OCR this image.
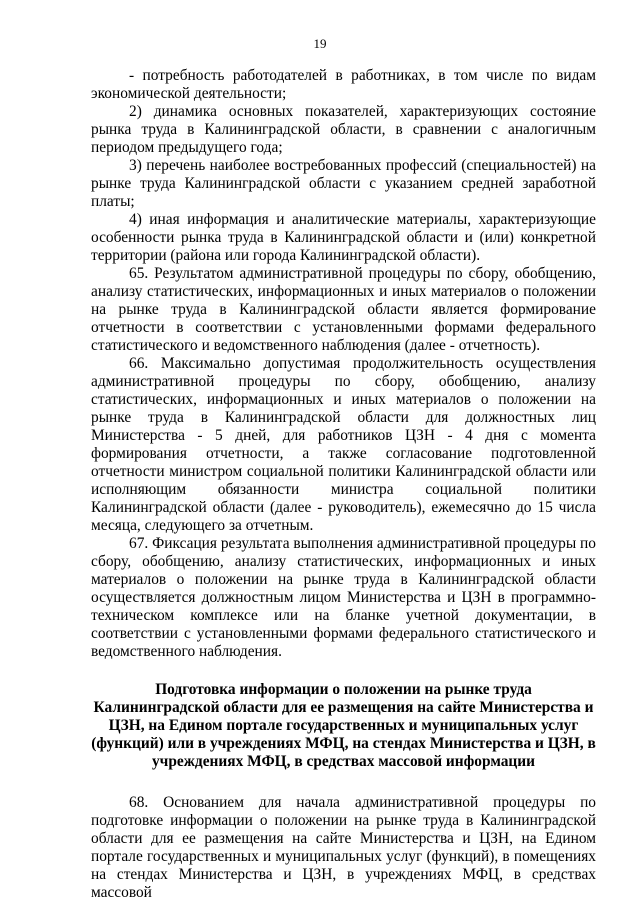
19

- потребность работодателей в работниках, в том числе по видам экономической деятельности;

2) динамика основных показателей, характеризующих состояние рынка труда в Калининградской области, в сравнении с аналогичным периодом предыдущего года;

3) перечень наиболее востребованных профессий (специальностей) на рынке труда Калининградской области с указанием средней заработной платы;

4) иная информация и аналитические материалы, характеризующие особенности рынка труда в Калининградской области и (или) конкретной территории (района или города Калининградской области).

65. Результатом административной процедуры по сбору, обобщению, анализу статистических, информационных и иных материалов о положении на рынке труда в Калининградской области является формирование отчетности в соответствии с установленными формами федерального статистического и ведомственного наблюдения (далее - отчетность).

66. Максимально допустимая продолжительность осуществления административной процедуры по сбору, обобщению, анализу статистических, информационных и иных материалов о положении на рынке труда в Калининградской области для должностных лиц Министерства - 5 дней, для работников ЦЗН - 4 дня с момента формирования отчетности, а также согласование подготовленной отчетности министром социальной политики Калининградской области или исполняющим обязанности министра социальной политики Калининградской области (далее - руководитель), ежемесячно до 15 числа месяца, следующего за отчетным.

67. Фиксация результата выполнения административной процедуры по сбору, обобщению, анализу статистических, информационных и иных материалов о положении на рынке труда в Калининградской области осуществляется должностным лицом Министерства и ЦЗН в программно-техническом комплексе или на бланке учетной документации, в соответствии с установленными формами федерального статистического и ведомственного наблюдения.

Подготовка информации о положении на рынке труда Калининградской области для ее размещения на сайте Министерства и ЦЗН, на Едином портале государственных и муниципальных услуг (функций) или в учреждениях МФЦ, на стендах Министерства и ЦЗН, в учреждениях МФЦ, в средствах массовой информации

68. Основанием для начала административной процедуры по подготовке информации о положении на рынке труда в Калининградской области для ее размещения на сайте Министерства и ЦЗН, на Едином портале государственных и муниципальных услуг (функций), в помещениях на стендах Министерства и ЦЗН, в учреждениях МФЦ, в средствах массовой
